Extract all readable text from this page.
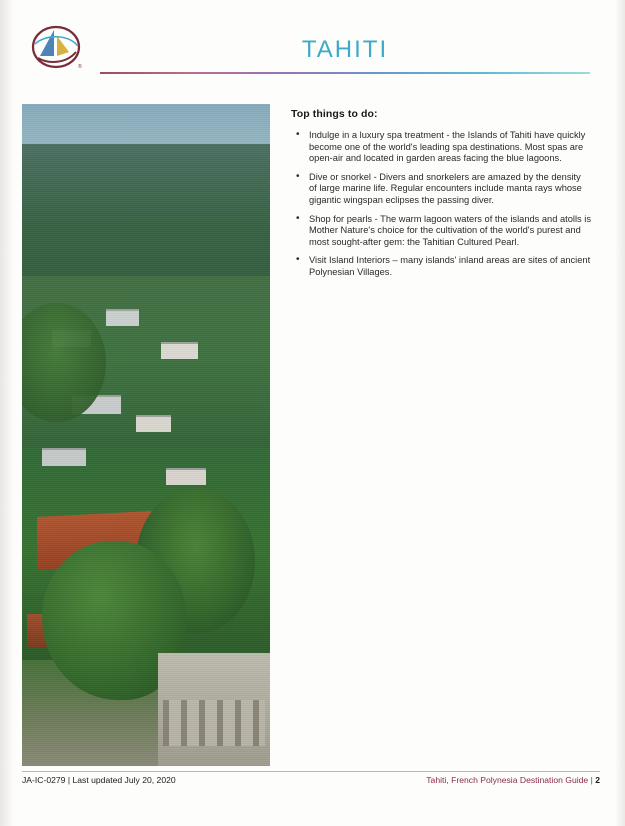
®
TAHITI
Top things to do:
• Indulge in a luxury spa treatment - the Islands of Tahiti have quickly become one of the world's leading spa destinations. Most spas are open-air and located in garden areas facing the blue lagoons.
• Dive or snorkel - Divers and snorkelers are amazed by the density of large marine life. Regular encounters include manta rays whose gigantic wingspan eclipses the passing diver.
• Shop for pearls - The warm lagoon waters of the islands and atolls is Mother Nature's choice for the cultivation of the world's purest and most sought-after gem: the Tahitian Cultured Pearl.
• Visit Island Interiors – many islands' inland areas are sites of ancient Polynesian Villages.
JA-IC-0279 | Last updated July 20, 2020	Tahiti, French Polynesia Destination Guide | 2
